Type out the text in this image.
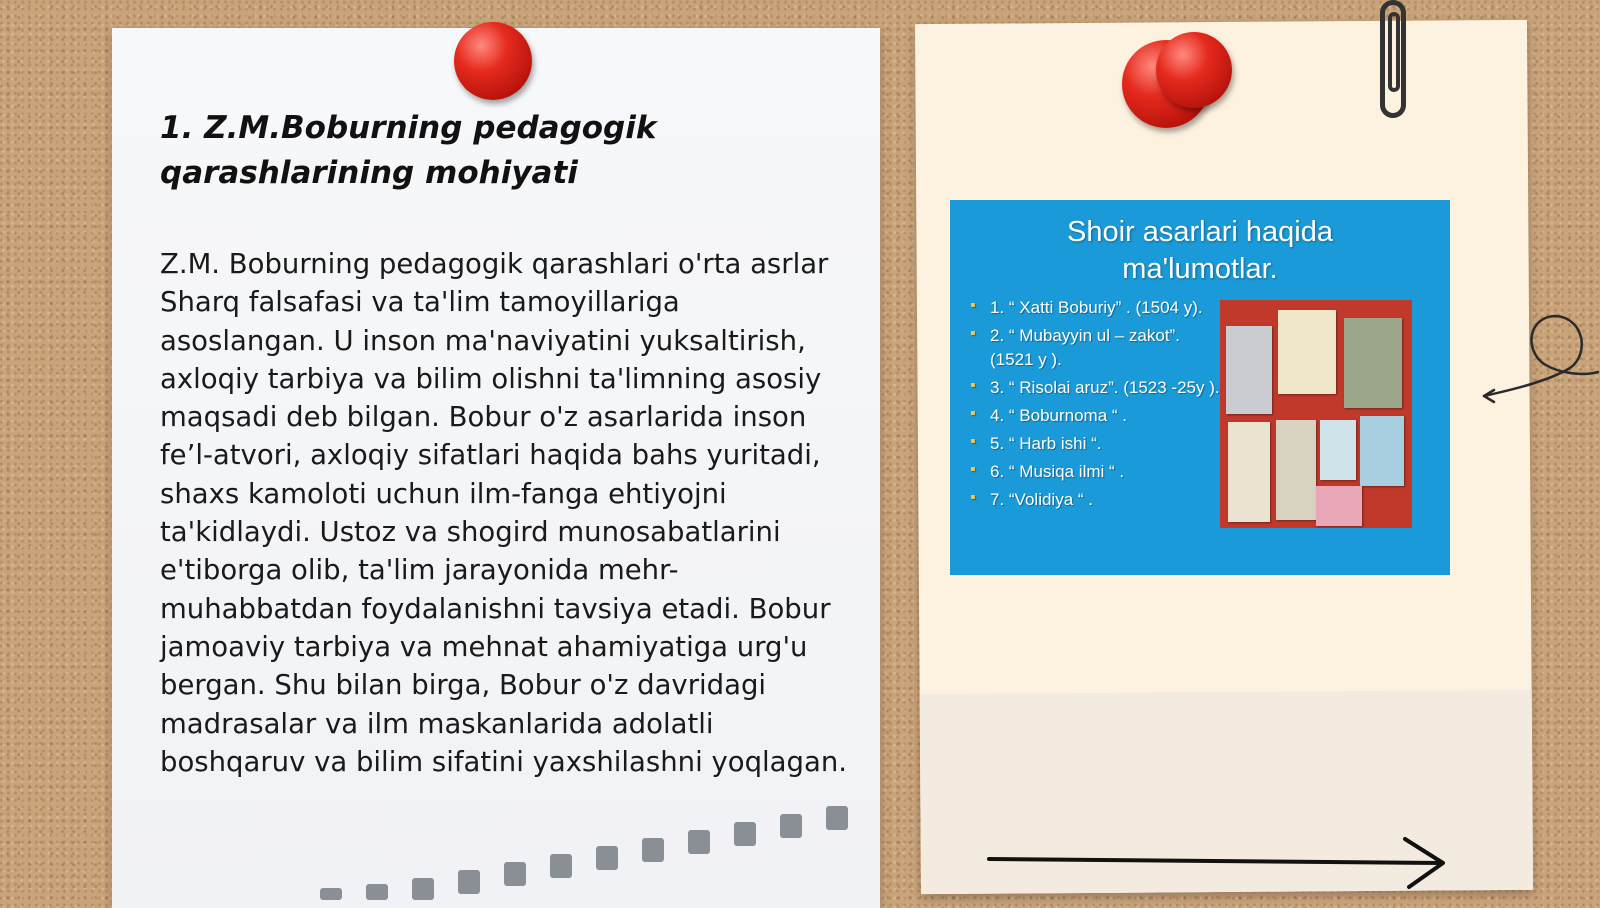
1. Z.M.Boburning pedagogik qarashlarining mohiyati

Z.M. Boburning pedagogik qarashlari o'rta asrlar Sharq falsafasi va ta'lim tamoyillariga asoslangan. U inson ma'naviyatini yuksaltirish, axloqiy tarbiya va bilim olishni ta'limning asosiy maqsadi deb bilgan. Bobur o'z asarlarida inson fe’l-atvori, axloqiy sifatlari haqida bahs yuritadi, shaxs kamoloti uchun ilm-fanga ehtiyojni ta'kidlaydi. Ustoz va shogird munosabatlarini e'tiborga olib, ta'lim jarayonida mehr-muhabbatdan foydalanishni tavsiya etadi. Bobur jamoaviy tarbiya va mehnat ahamiyatiga urg'u bergan. Shu bilan birga, Bobur o'z davridagi madrasalar va ilm maskanlarida adolatli boshqaruv va bilim sifatini yaxshilashni yoqlagan.

Shoir asarlari haqida ma'lumotlar.
▪ 1. “ Xatti Boburiy” . (1504 y).
▪ 2. “ Mubayyin ul – zakot”. (1521 y ).
▪ 3. “ Risolai aruz”. (1523 -25y ).
▪ 4. “ Boburnoma “ .
▪ 5. “ Harb ishi “.
▪ 6. “ Musiqa ilmi “ .
▪ 7. “Volidiya “ .
